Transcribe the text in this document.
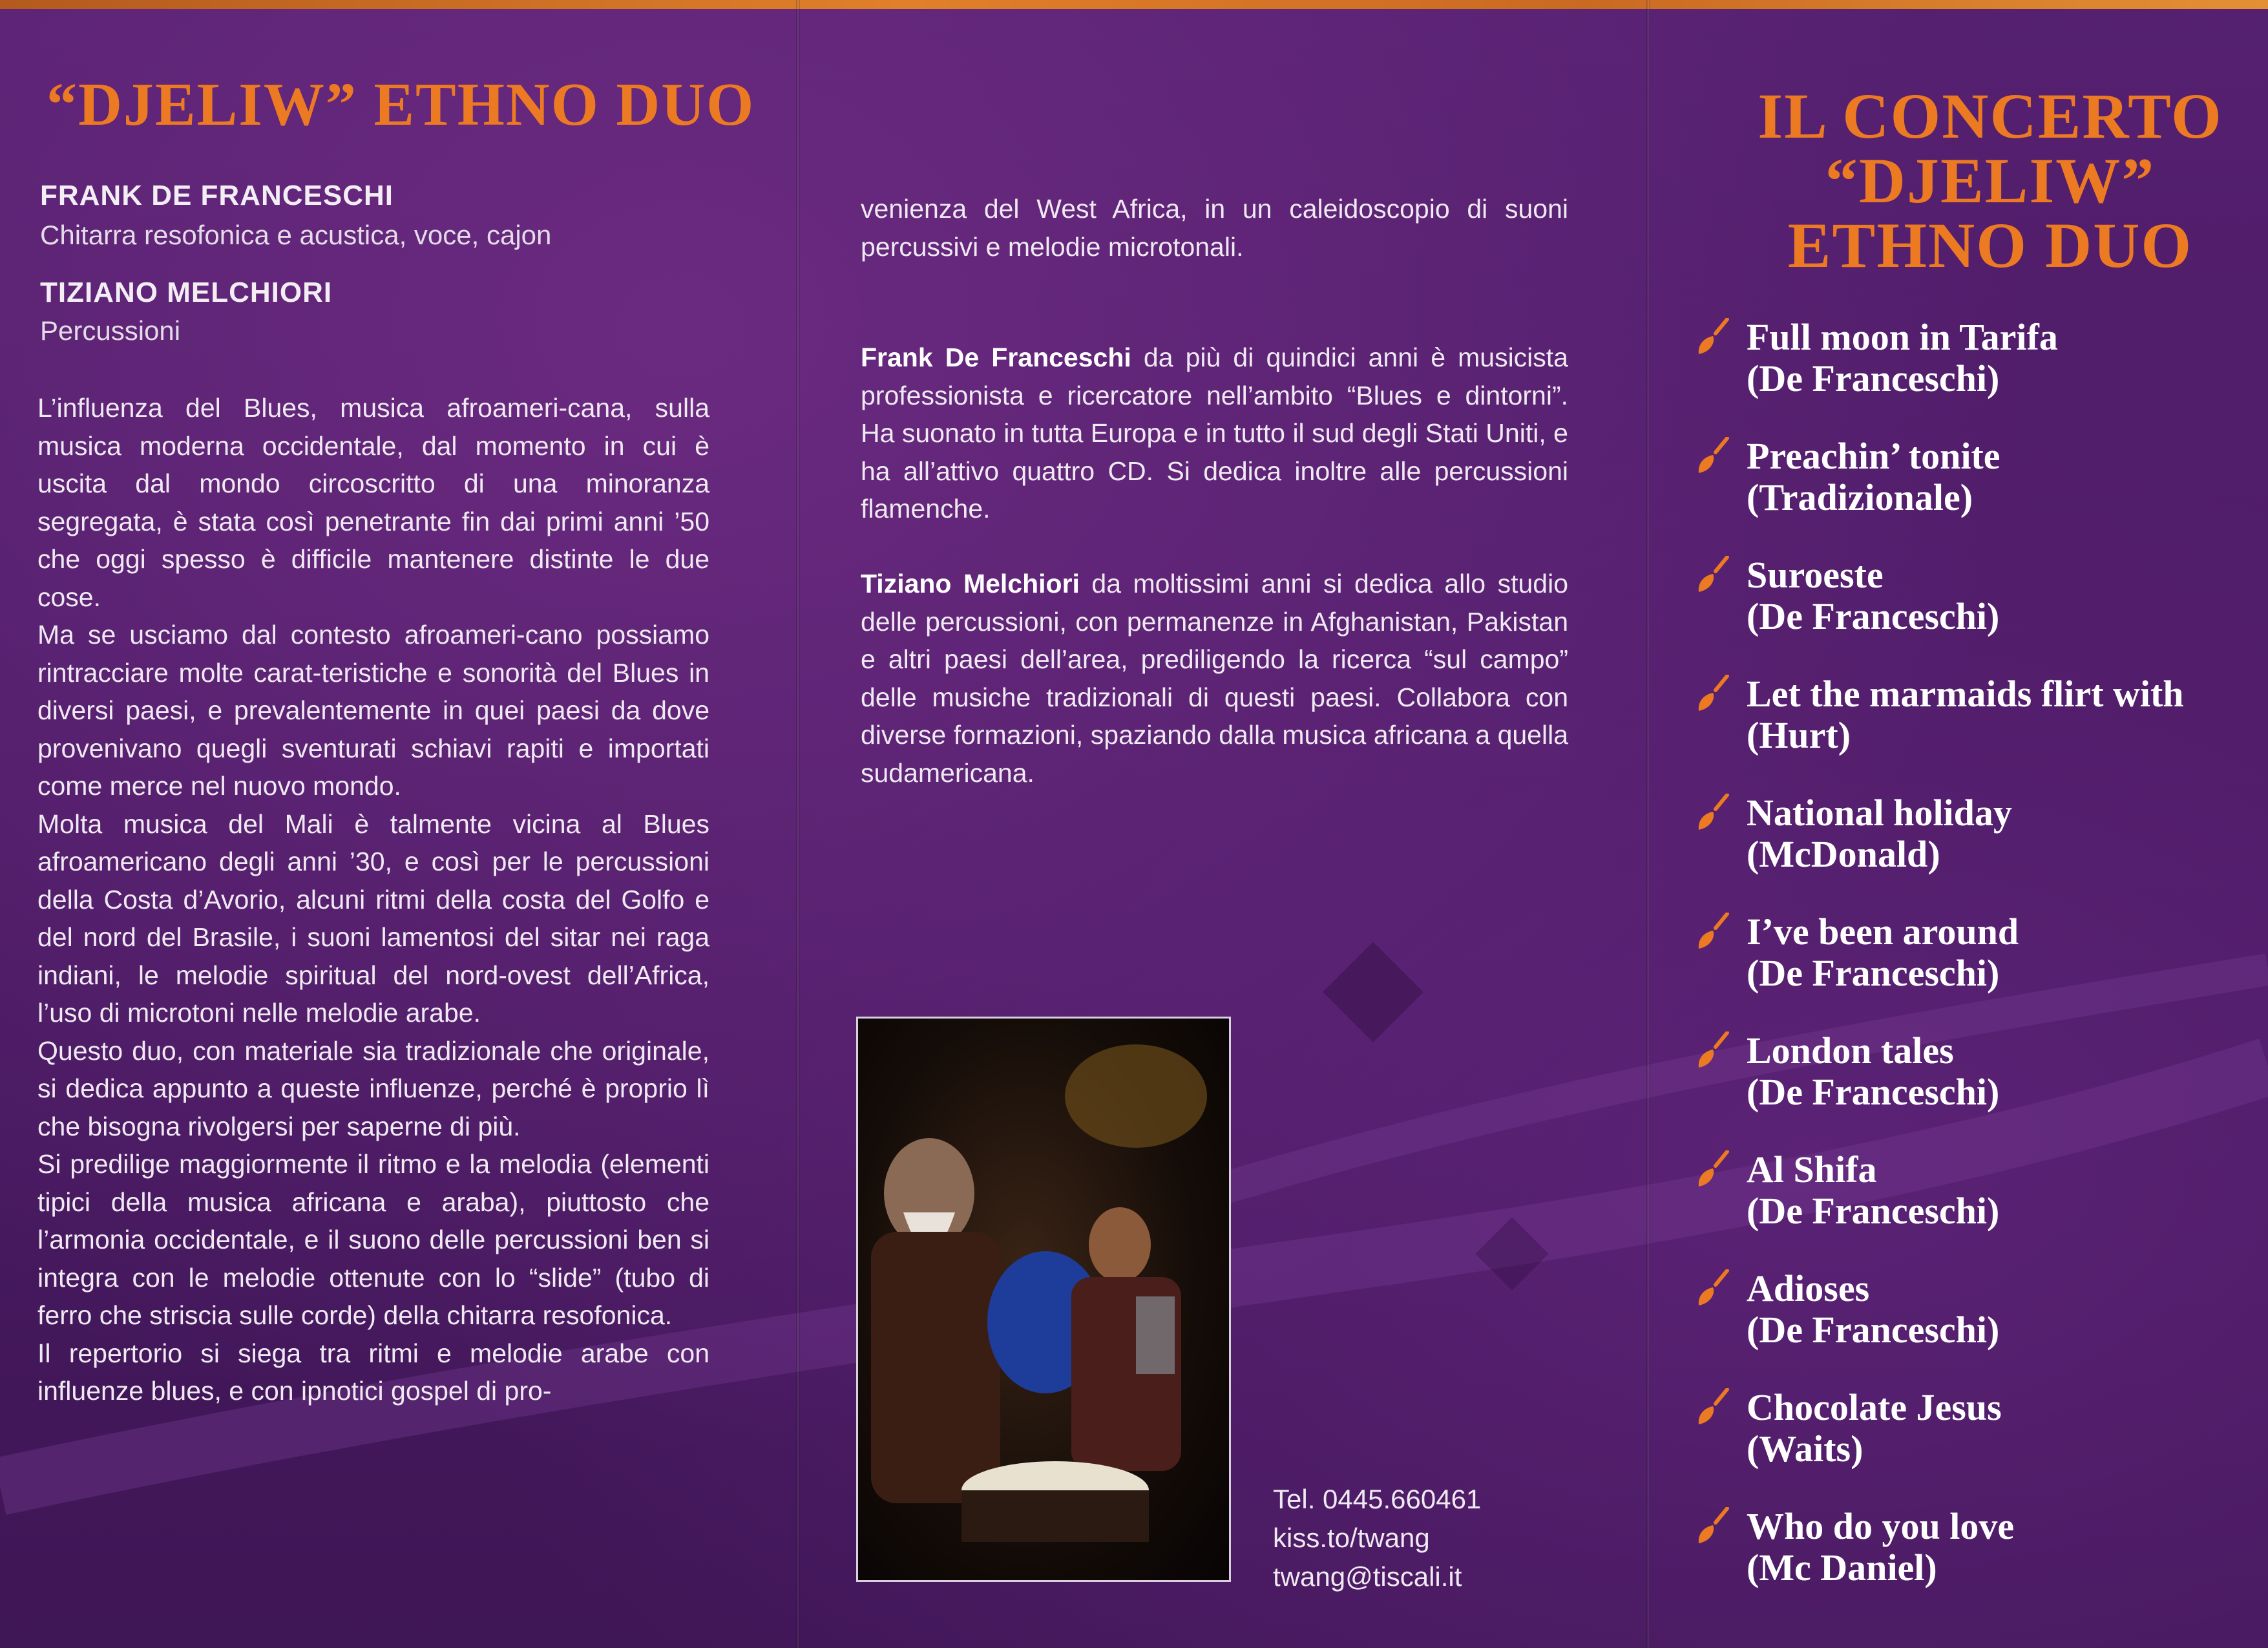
“DJELIW” ETHNO DUO

FRANK DE FRANCESCHI

Chitarra resofonica e acustica, voce, cajon

TIZIANO MELCHIORI

Percussioni

L’influenza del Blues, musica afroameri-cana, sulla musica moderna occidentale, dal momento in cui è uscita dal mondo circoscritto di una minoranza segregata, è stata così penetrante fin dai primi anni ’50 che oggi spesso è difficile mantenere distinte le due cose.

Ma se usciamo dal contesto afroameri-cano possiamo rintracciare molte carat-teristiche e sonorità del Blues in diversi paesi, e prevalentemente in quei paesi da dove provenivano quegli sventurati schiavi rapiti e importati come merce nel nuovo mondo.

Molta musica del Mali è talmente vicina al Blues afroamericano degli anni ’30, e così per le percussioni della Costa d’Avorio, alcuni ritmi della costa del Golfo e del nord del Brasile, i suoni lamentosi del sitar nei raga indiani, le melodie spiritual del nord-ovest dell’Africa, l’uso di microtoni nelle melodie arabe.

Questo duo, con materiale sia tradizionale che originale, si dedica appunto a queste influenze, perché è proprio lì che bisogna rivolgersi per saperne di più.

Si predilige maggiormente il ritmo e la melodia (elementi tipici della musica africana e araba), piuttosto che l’armonia occidentale, e il suono delle percussioni ben si integra con le melodie ottenute con lo “slide” (tubo di ferro che striscia sulle corde) della chitarra resofonica.

Il repertorio si siega tra ritmi e melodie arabe con influenze blues, e con ipnotici gospel di pro-

venienza del West Africa, in un caleidoscopio di suoni percussivi e melodie microtonali.

Frank De Franceschi da più di quindici anni è musicista professionista e ricercatore nell’ambito “Blues e dintorni”. Ha suonato in tutta Europa e in tutto il sud degli Stati Uniti, e ha all’attivo quattro CD. Si dedica inoltre alle percussioni flamenche.

Tiziano Melchiori da moltissimi anni si dedica allo studio delle percussioni, con permanenze in Afghanistan, Pakistan e altri paesi dell’area, prediligendo la ricerca “sul campo” delle musiche tradizionali di questi paesi. Collabora con diverse formazioni, spaziando dalla musica africana a quella sudamericana.

Tel. 0445.660461
kiss.to/twang
twang@tiscali.it
IL CONCERTO
“DJELIW”
ETHNO DUO
Full moon in Tarifa
(De Franceschi)
Preachin’ tonite
(Tradizionale)
Suroeste
(De Franceschi)
Let the marmaids flirt with
(Hurt)
National holiday
(McDonald)
I’ve been around
(De Franceschi)
London tales
(De Franceschi)
Al Shifa
(De Franceschi)
Adioses
(De Franceschi)
Chocolate Jesus
(Waits)
Who do you love
(Mc Daniel)
